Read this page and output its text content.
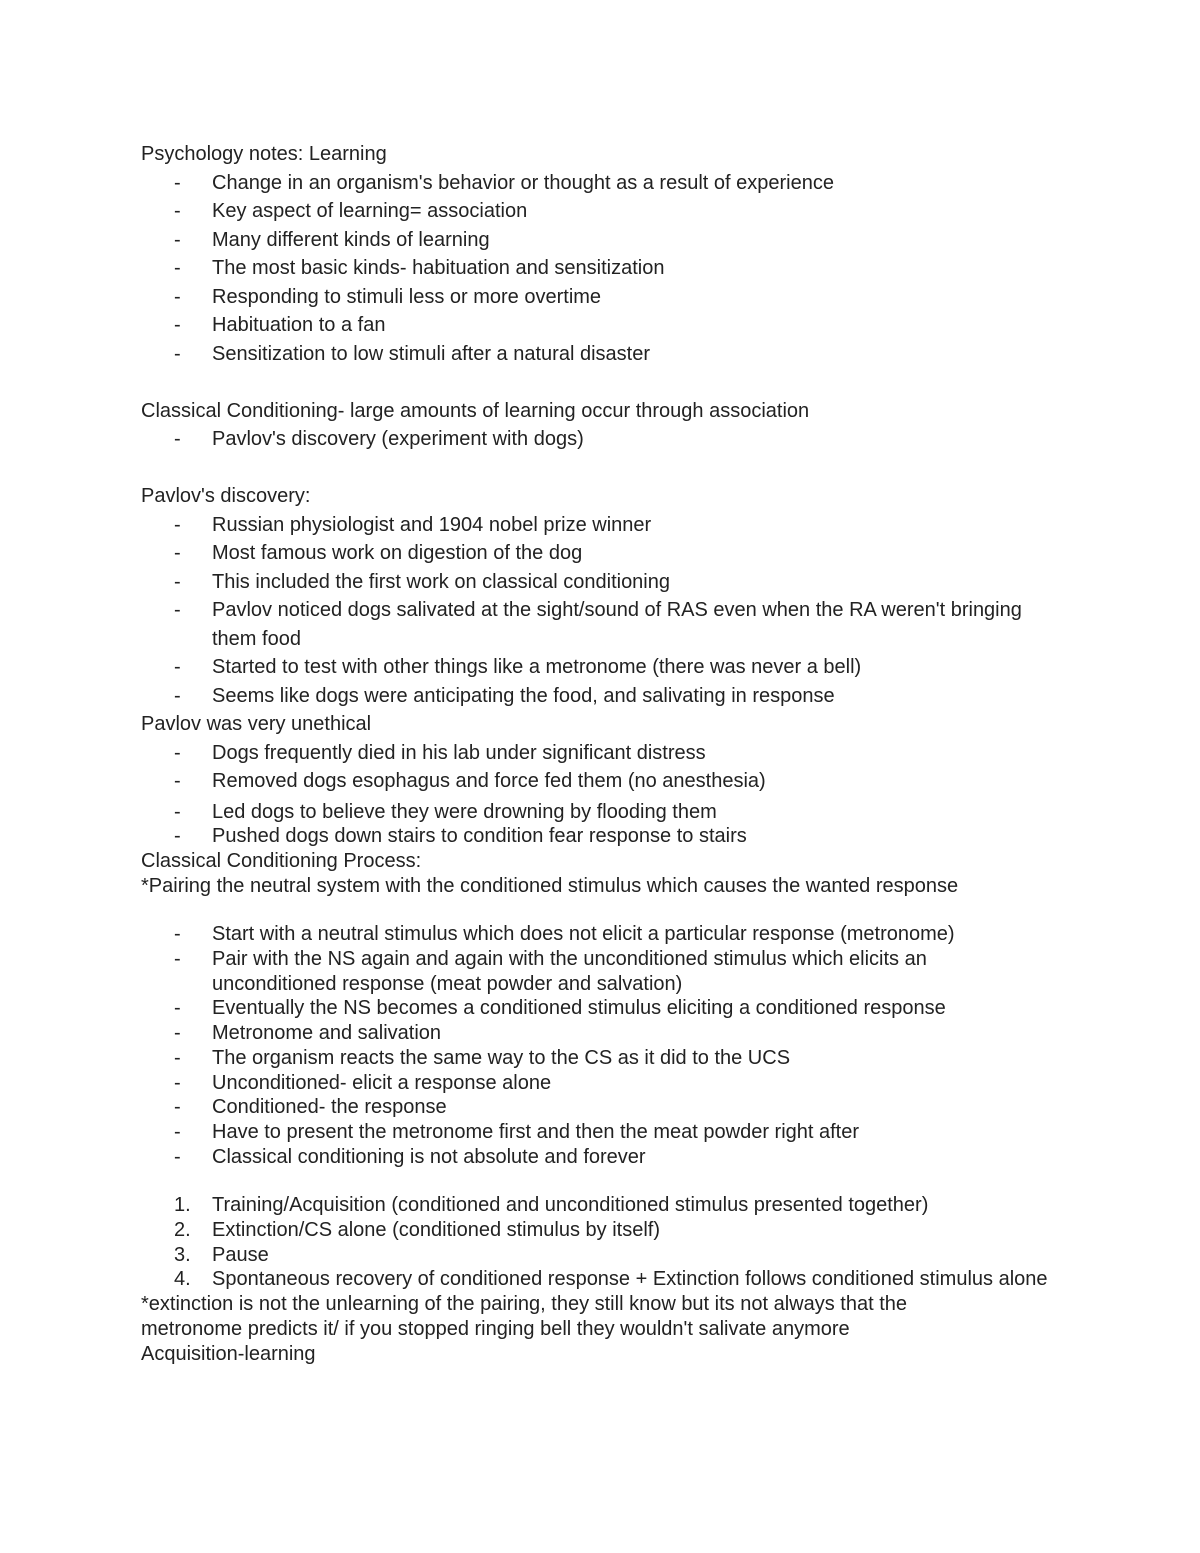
Psychology notes: Learning

- Change in an organism's behavior or thought as a result of experience

- Key aspect of learning= association

- Many different kinds of learning

- The most basic kinds- habituation and sensitization

- Responding to stimuli less or more overtime

- Habituation to a fan

- Sensitization to low stimuli after a natural disaster

Classical Conditioning- large amounts of learning occur through association

- Pavlov's discovery (experiment with dogs)

Pavlov's discovery:

- Russian physiologist and 1904 nobel prize winner

- Most famous work on digestion of the dog

- This included the first work on classical conditioning

- Pavlov noticed dogs salivated at the sight/sound of RAS even when the RA weren't bringing them food

- Started to test with other things like a metronome (there was never a bell)

- Seems like dogs were anticipating the food, and salivating in response

Pavlov was very unethical

- Dogs frequently died in his lab under significant distress

- Removed dogs esophagus and force fed them (no anesthesia)

- Led dogs to believe they were drowning by flooding them

- Pushed dogs down stairs to condition fear response to stairs

Classical Conditioning Process:

*Pairing the neutral system with the conditioned stimulus which causes the wanted response

- Start with a neutral stimulus which does not elicit a particular response (metronome)

- Pair with the NS again and again with the unconditioned stimulus which elicits an unconditioned response (meat powder and salvation)

- Eventually the NS becomes a conditioned stimulus eliciting a conditioned response

- Metronome and salivation

- The organism reacts the same way to the CS as it did to the UCS

- Unconditioned- elicit a response alone

- Conditioned- the response

- Have to present the metronome first and then the meat powder right after

- Classical conditioning is not absolute and forever

1. Training/Acquisition (conditioned and unconditioned stimulus presented together)

2. Extinction/CS alone (conditioned stimulus by itself)

3. Pause

4. Spontaneous recovery of conditioned response + Extinction follows conditioned stimulus alone

*extinction is not the unlearning of the pairing, they still know but its not always that the metronome predicts it/ if you stopped ringing bell they wouldn't salivate anymore

Acquisition-learning
